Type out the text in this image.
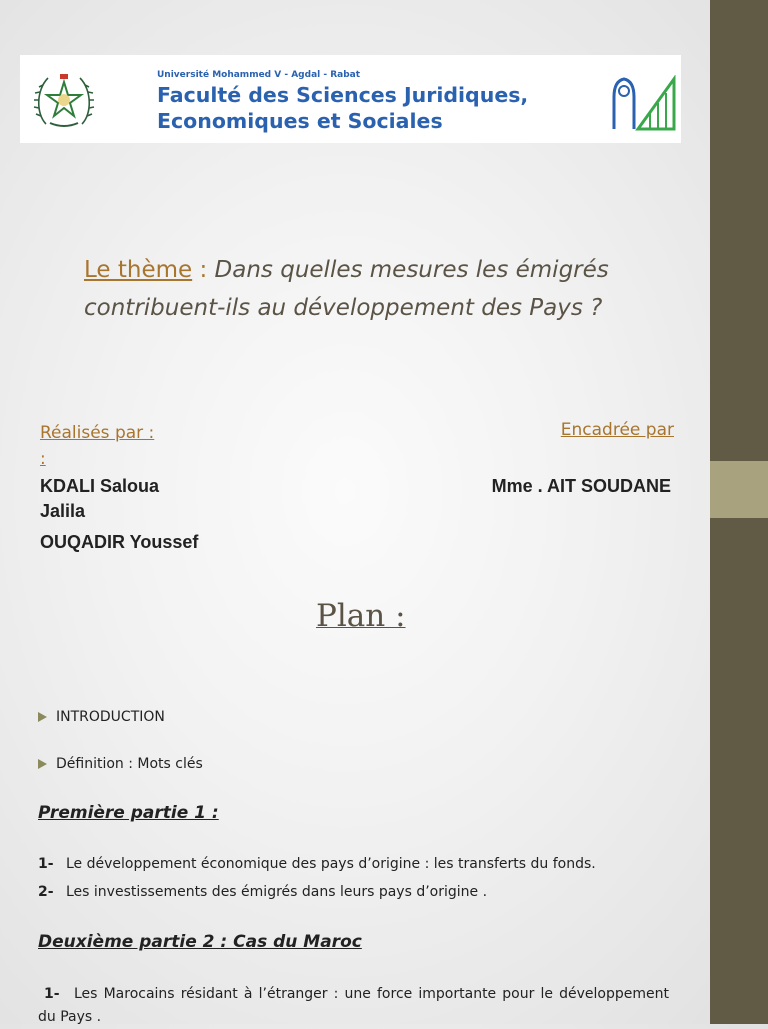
Université Mohammed V - Agdal - Rabat
Faculté des Sciences Juridiques,
Economiques et Sociales
Le thème : Dans quelles mesures les émigrés contribuent-ils au développement des Pays ?
Réalisés par : :
Encadrée par
KDALI Saloua
Jalila
OUQADIR Youssef
Mme . AIT SOUDANE
Plan :
INTRODUCTION
Définition : Mots clés
Première partie 1 :
1- Le développement économique des pays d’origine : les transferts du fonds.
2- Les investissements des émigrés dans leurs pays d’origine .
Deuxième partie 2 : Cas du Maroc
1- Les Marocains résidant à l’étranger : une force importante pour le développement du Pays .
